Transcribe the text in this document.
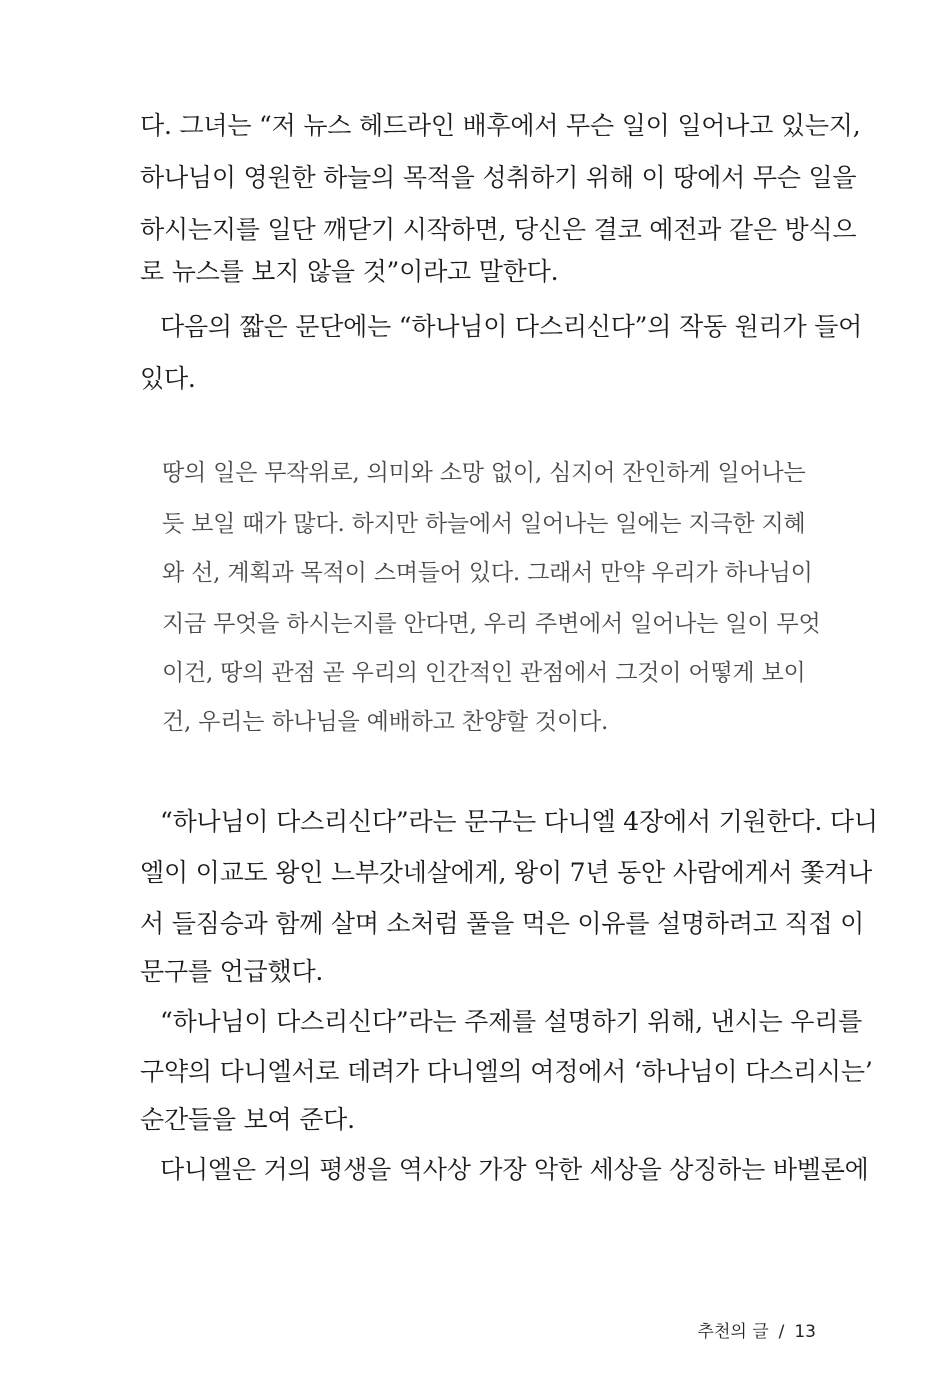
다. 그녀는 “저 뉴스 헤드라인 배후에서 무슨 일이 일어나고 있는지,
하나님이 영원한 하늘의 목적을 성취하기 위해 이 땅에서 무슨 일을
하시는지를 일단 깨닫기 시작하면, 당신은 결코 예전과 같은 방식으
로 뉴스를 보지 않을 것”이라고 말한다.
다음의 짧은 문단에는 “하나님이 다스리신다”의 작동 원리가 들어
있다.
땅의 일은 무작위로, 의미와 소망 없이, 심지어 잔인하게 일어나는
듯 보일 때가 많다. 하지만 하늘에서 일어나는 일에는 지극한 지혜
와 선, 계획과 목적이 스며들어 있다. 그래서 만약 우리가 하나님이
지금 무엇을 하시는지를 안다면, 우리 주변에서 일어나는 일이 무엇
이건, 땅의 관점 곧 우리의 인간적인 관점에서 그것이 어떻게 보이
건, 우리는 하나님을 예배하고 찬양할 것이다.
“하나님이 다스리신다”라는 문구는 다니엘 4장에서 기원한다. 다니
엘이 이교도 왕인 느부갓네살에게, 왕이 7년 동안 사람에게서 쫓겨나
서 들짐승과 함께 살며 소처럼 풀을 먹은 이유를 설명하려고 직접 이
문구를 언급했다.
“하나님이 다스리신다”라는 주제를 설명하기 위해, 낸시는 우리를
구약의 다니엘서로 데려가 다니엘의 여정에서 ‘하나님이 다스리시는’
순간들을 보여 준다.
다니엘은 거의 평생을 역사상 가장 악한 세상을 상징하는 바벨론에
추천의 글 / 13
